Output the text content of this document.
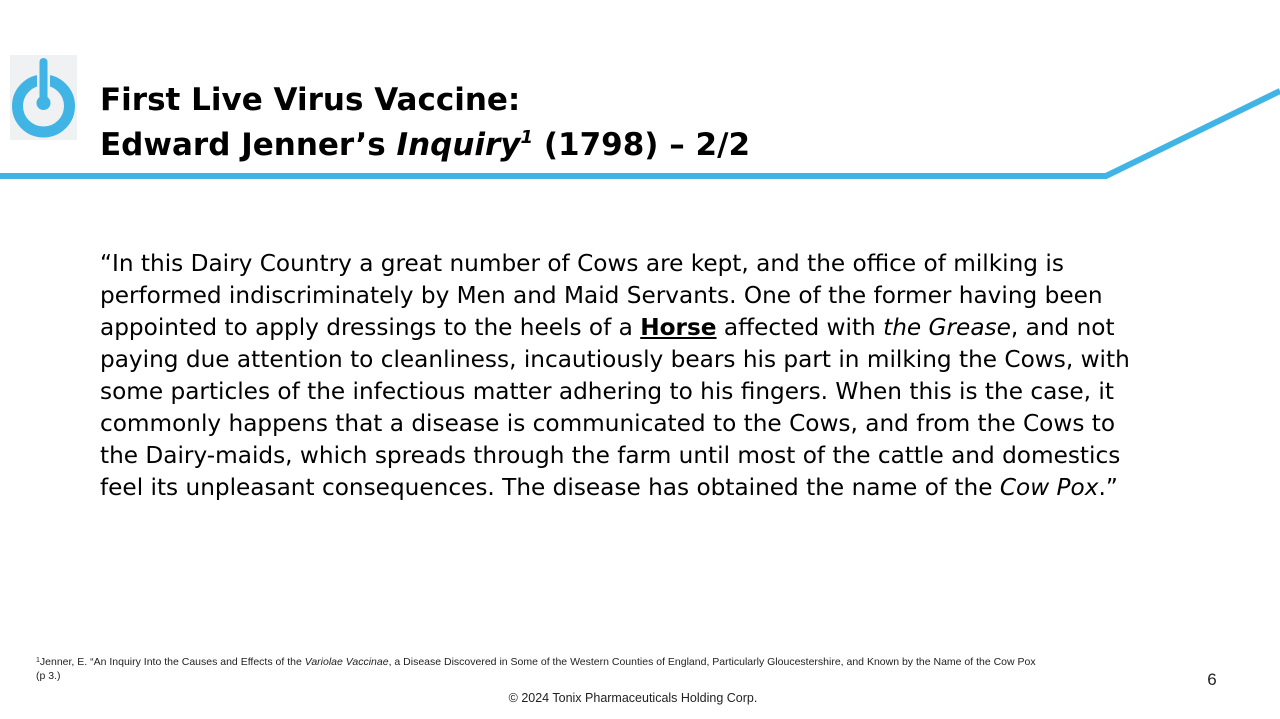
First Live Virus Vaccine:
Edward Jenner’s Inquiry$^1$ (1798) – 2/2

“In this Dairy Country a great number of Cows are kept, and the office of milking is performed indiscriminately by Men and Maid Servants. One of the former having been appointed to apply dressings to the heels of a Horse affected with the Grease, and not paying due attention to cleanliness, incautiously bears his part in milking the Cows, with some particles of the infectious matter adhering to his fingers. When this is the case, it commonly happens that a disease is communicated to the Cows, and from the Cows to the Dairy-maids, which spreads through the farm until most of the cattle and domestics feel its unpleasant consequences. The disease has obtained the name of the Cow Pox.”

$^1$Jenner, E. “An Inquiry Into the Causes and Effects of the Variolae Vaccinae, a Disease Discovered in Some of the Western Counties of England, Particularly Gloucestershire, and Known by the Name of the Cow Pox (p 3.)	6
© 2024 Tonix Pharmaceuticals Holding Corp.
